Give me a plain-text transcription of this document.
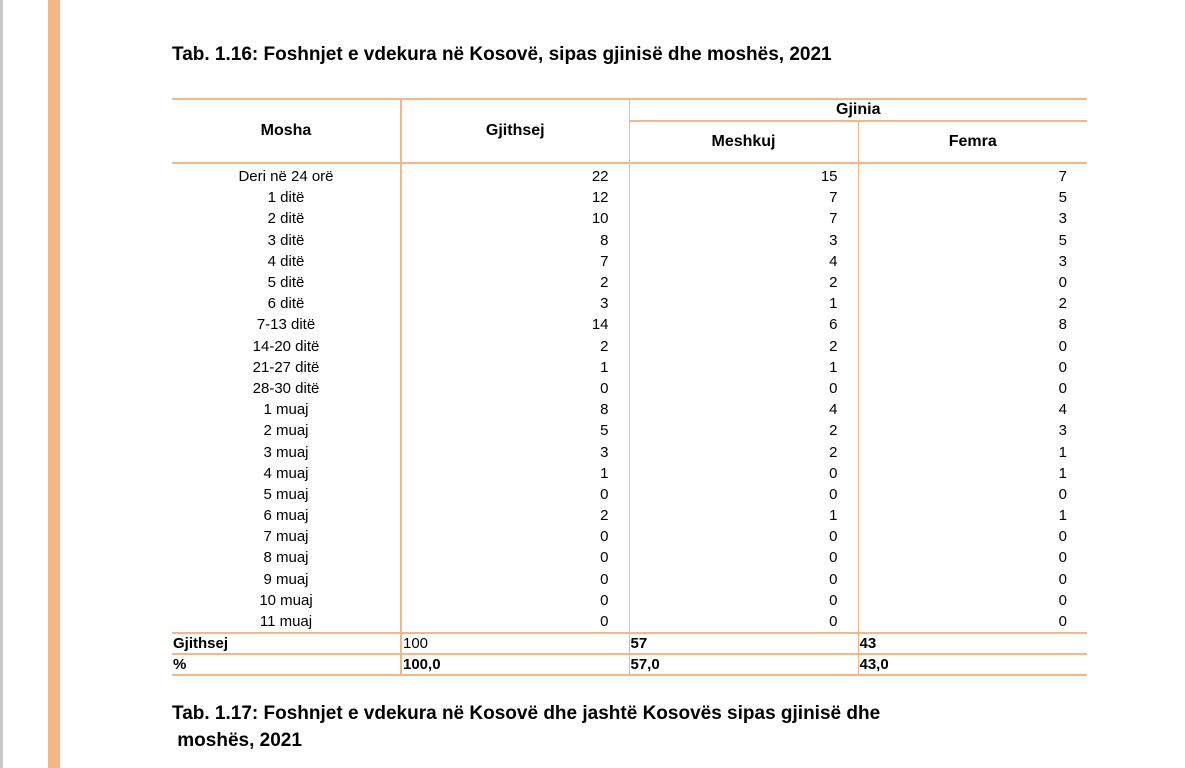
Tab. 1.16: Foshnjet e vdekura në Kosovë, sipas gjinisë dhe moshës, 2021
Mosha	Gjithsej	Gjinia	
		Meshkuj	Femra
Deri në 24 orë	22	15	7
1 ditë	12	7	5
2 ditë	10	7	3
3 ditë	8	3	5
4 ditë	7	4	3
5 ditë	2	2	0
6 ditë	3	1	2
7-13 ditë	14	6	8
14-20 ditë	2	2	0
21-27 ditë	1	1	0
28-30 ditë	0	0	0
1 muaj	8	4	4
2 muaj	5	2	3
3 muaj	3	2	1
4 muaj	1	0	1
5 muaj	0	0	0
6 muaj	2	1	1
7 muaj	0	0	0
8 muaj	0	0	0
9 muaj	0	0	0
10 muaj	0	0	0
11 muaj	0	0	0
Gjithsej	100	57	43
%	100,0	57,0	43,0
Tab. 1.17: Foshnjet e vdekura në Kosovë dhe jashtë Kosovës sipas gjinisë dhe
moshës, 2021
